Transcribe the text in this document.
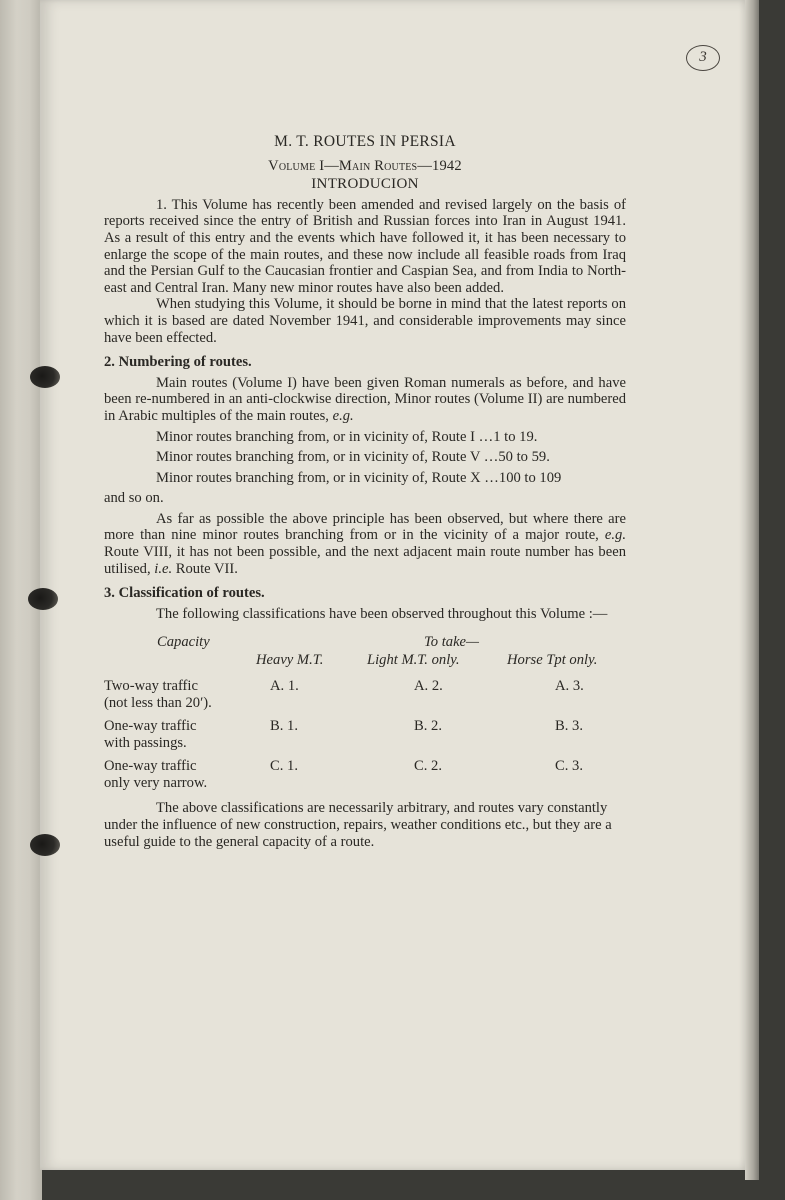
3
M. T. ROUTES IN PERSIA
Volume I—Main Routes—1942
INTRODUCION

1. This Volume has recently been amended and revised largely on the basis of reports received since the entry of British and Russian forces into Iran in August 1941. As a result of this entry and the events which have followed it, it has been necessary to enlarge the scope of the main routes, and these now include all feasible roads from Iraq and the Persian Gulf to the Caucasian frontier and Caspian Sea, and from India to North-east and Central Iran. Many new minor routes have also been added.

When studying this Volume, it should be borne in mind that the latest reports on which it is based are dated November 1941, and considerable improvements may since have been effected.

2. Numbering of routes.

Main routes (Volume I) have been given Roman numerals as before, and have been re-numbered in an anti-clockwise direction, Minor routes (Volume II) are numbered in Arabic multiples of the main routes, e.g.

Minor routes branching from, or in vicinity of, Route I …1 to 19.

Minor routes branching from, or in vicinity of, Route V …50 to 59.

Minor routes branching from, or in vicinity of, Route X …100 to 109

and so on.

As far as possible the above principle has been observed, but where there are more than nine minor routes branching from or in the vicinity of a major route, e.g. Route VIII, it has not been possible, and the next adjacent main route number has been utilised, i.e. Route VII.

3. Classification of routes.

The following classifications have been observed throughout this Volume :—

Capacity	To take—
Heavy M.T.	Light M.T. only.	Horse Tpt only.
Two-way traffic
(not less than 20′).
A. 1.	A. 2.	A. 3.
One-way traffic
with passings.
B. 1.	B. 2.	B. 3.
One-way traffic
only very narrow.
C. 1.	C. 2.	C. 3.
The above classifications are necessarily arbitrary, and routes vary constantly under the influence of new construction, repairs, weather conditions etc., but they are a useful guide to the general capacity of a route.
